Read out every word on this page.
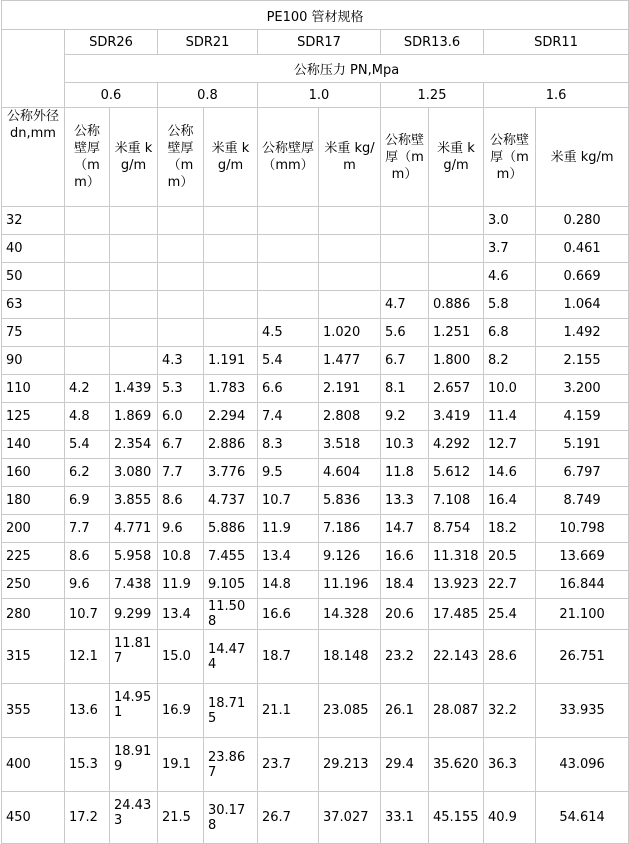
PE100 管材规格										
	SDR26		SDR21		SDR17		SDR13.6		SDR11	
	公称压力 PN,Mpa									
	0.6		0.8		1.0		1.25		1.6	
公称外径 dn,mm	公称壁厚（mm）	米重 kg/m	公称壁厚（mm）	米重 kg/m	公称壁厚 （mm）	米重 kg/m	公称壁厚（mm）	米重 kg/m	公称壁厚（mm）	米重 kg/m
32									3.0	0.280
40									3.7	0.461
50									4.6	0.669
63							4.7	0.886	5.8	1.064
75					4.5	1.020	5.6	1.251	6.8	1.492
90			4.3	1.191	5.4	1.477	6.7	1.800	8.2	2.155
110	4.2	1.439	5.3	1.783	6.6	2.191	8.1	2.657	10.0	3.200
125	4.8	1.869	6.0	2.294	7.4	2.808	9.2	3.419	11.4	4.159
140	5.4	2.354	6.7	2.886	8.3	3.518	10.3	4.292	12.7	5.191
160	6.2	3.080	7.7	3.776	9.5	4.604	11.8	5.612	14.6	6.797
180	6.9	3.855	8.6	4.737	10.7	5.836	13.3	7.108	16.4	8.749
200	7.7	4.771	9.6	5.886	11.9	7.186	14.7	8.754	18.2	10.798
225	8.6	5.958	10.8	7.455	13.4	9.126	16.6	11.318	20.5	13.669
250	9.6	7.438	11.9	9.105	14.8	11.196	18.4	13.923	22.7	16.844
280	10.7	9.299	13.4	11.508	16.6	14.328	20.6	17.485	25.4	21.100
315	12.1	11.817	15.0	14.474	18.7	18.148	23.2	22.143	28.6	26.751
355	13.6	14.951	16.9	18.715	21.1	23.085	26.1	28.087	32.2	33.935
400	15.3	18.919	19.1	23.867	23.7	29.213	29.4	35.620	36.3	43.096
450	17.2	24.433	21.5	30.178	26.7	37.027	33.1	45.155	40.9	54.614
